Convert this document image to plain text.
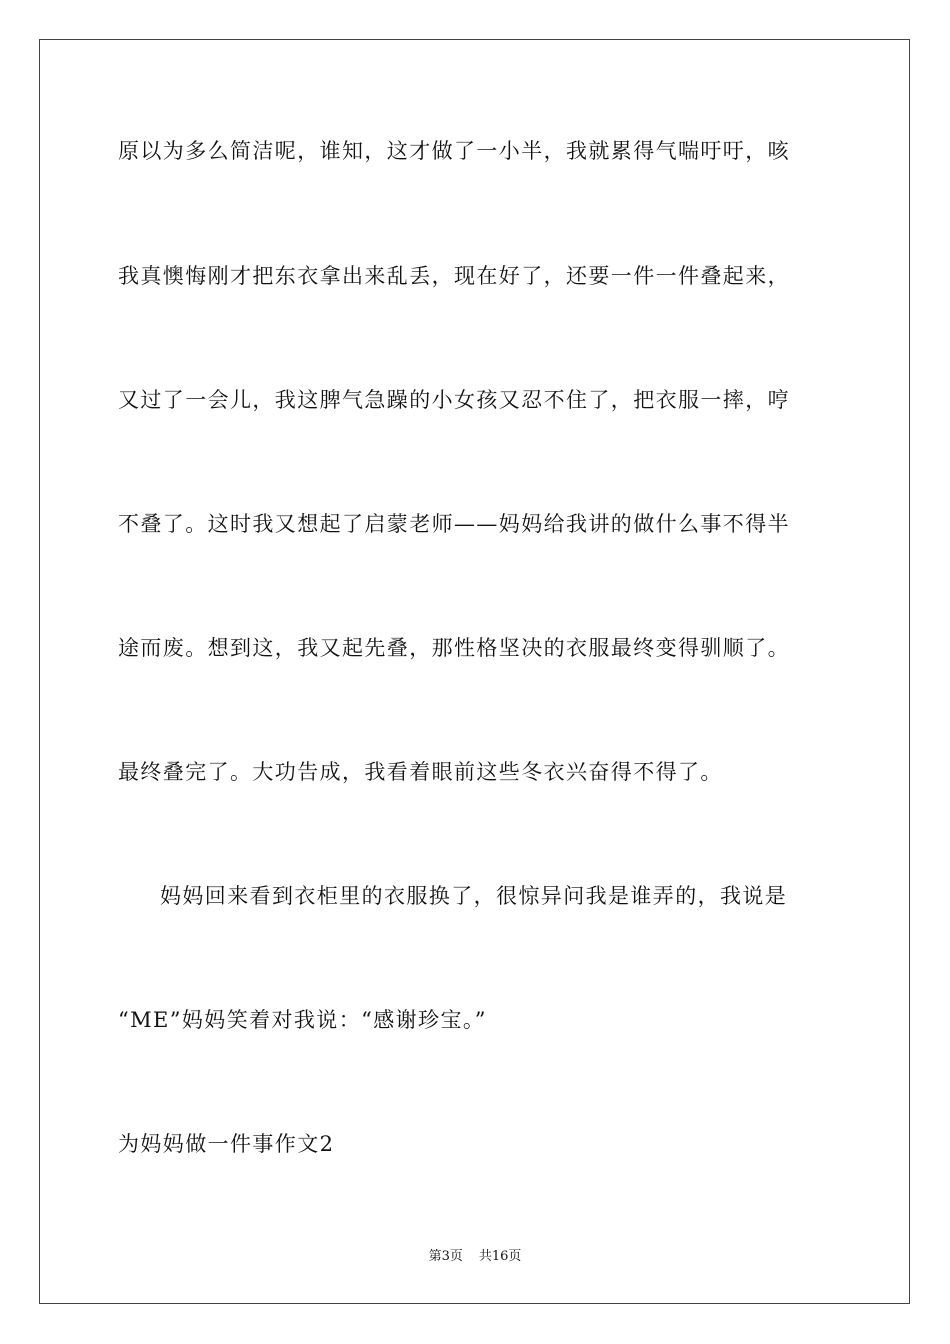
原以为多么简洁呢，谁知，这才做了一小半，我就累得气喘吁吁，咳
我真懊悔刚才把东衣拿出来乱丢，现在好了，还要一件一件叠起来，
又过了一会儿，我这脾气急躁的小女孩又忍不住了，把衣服一摔，哼
不叠了。这时我又想起了启蒙老师——妈妈给我讲的做什么事不得半
途而废。想到这，我又起先叠，那性格坚决的衣服最终变得驯顺了。
最终叠完了。大功告成，我看着眼前这些冬衣兴奋得不得了。
妈妈回来看到衣柜里的衣服换了，很惊异问我是谁弄的，我说是
“ME”妈妈笑着对我说：“感谢珍宝。”
为妈妈做一件事作文2
第3页 共16页
